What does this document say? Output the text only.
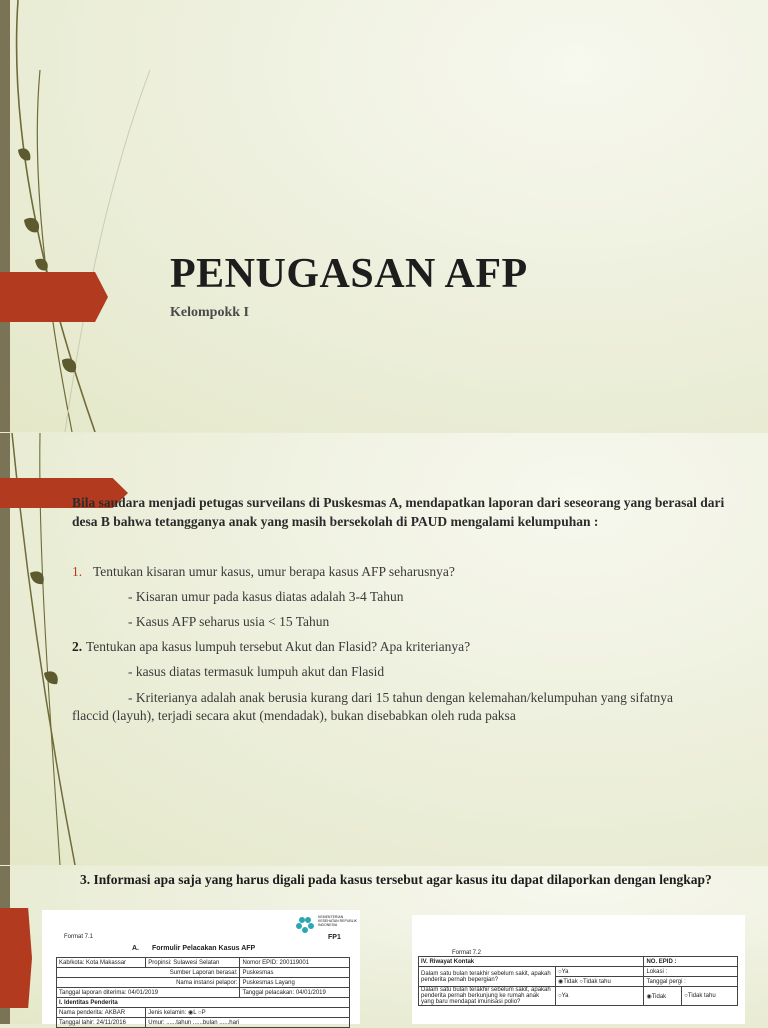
PENUGASAN AFP
Kelompokk I
Bila saudara menjadi petugas surveilans di Puskesmas A, mendapatkan laporan dari seseorang yang berasal dari desa B bahwa tetangganya anak yang masih bersekolah di PAUD mengalami kelumpuhan :
1. Tentukan kisaran umur kasus, umur berapa kasus AFP seharusnya?
- Kisaran umur pada kasus diatas adalah 3-4 Tahun
- Kasus AFP seharus usia < 15 Tahun
2. Tentukan apa kasus lumpuh tersebut Akut dan Flasid? Apa kriterianya?
- kasus diatas termasuk lumpuh akut dan Flasid
- Kriterianya adalah anak berusia kurang dari 15 tahun dengan kelemahan/kelumpuhan yang sifatnya
flaccid (layuh), terjadi secara akut (mendadak), bukan disebabkan oleh ruda paksa
3. Informasi apa saja yang harus digali pada kasus tersebut agar kasus itu dapat dilaporkan dengan lengkap?
Format 7.1
KEMENTERIAN KESEHATAN REPUBLIK INDONESIA
FP1
A. Formulir Pelacakan Kasus AFP
Kab/kota: Kota Makassar	Propinsi: Sulawesi Selatan	Nomor EPID: 200119001
Sumber Laporan berasal:		Puskesmas
Nama instansi pelapor:		Puskesmas Layang
Tanggal laporan diterima: 04/01/2019		Tanggal pelacakan: 04/01/2019
I. Identitas Penderita		
Nama penderita: AKBAR	Jenis kelamin: ◉L ○P	
Tanggal lahir: 24/11/2016	Umur: ......tahun ......bulan ......hari	
Format 7.2
IV. Riwayat Kontak		NO. EPID :	
Dalam satu bulan terakhir sebelum sakit, apakah penderita pernah bepergian?	○Ya	Lokasi :	
	◉Tidak ○Tidak tahu	Tanggal pergi :	
Dalam satu bulan terakhir sebelum sakit, apakah penderita pernah berkunjung ke rumah anak yang baru mendapat imunisasi polio?	○Ya	◉Tidak	○Tidak tahu
